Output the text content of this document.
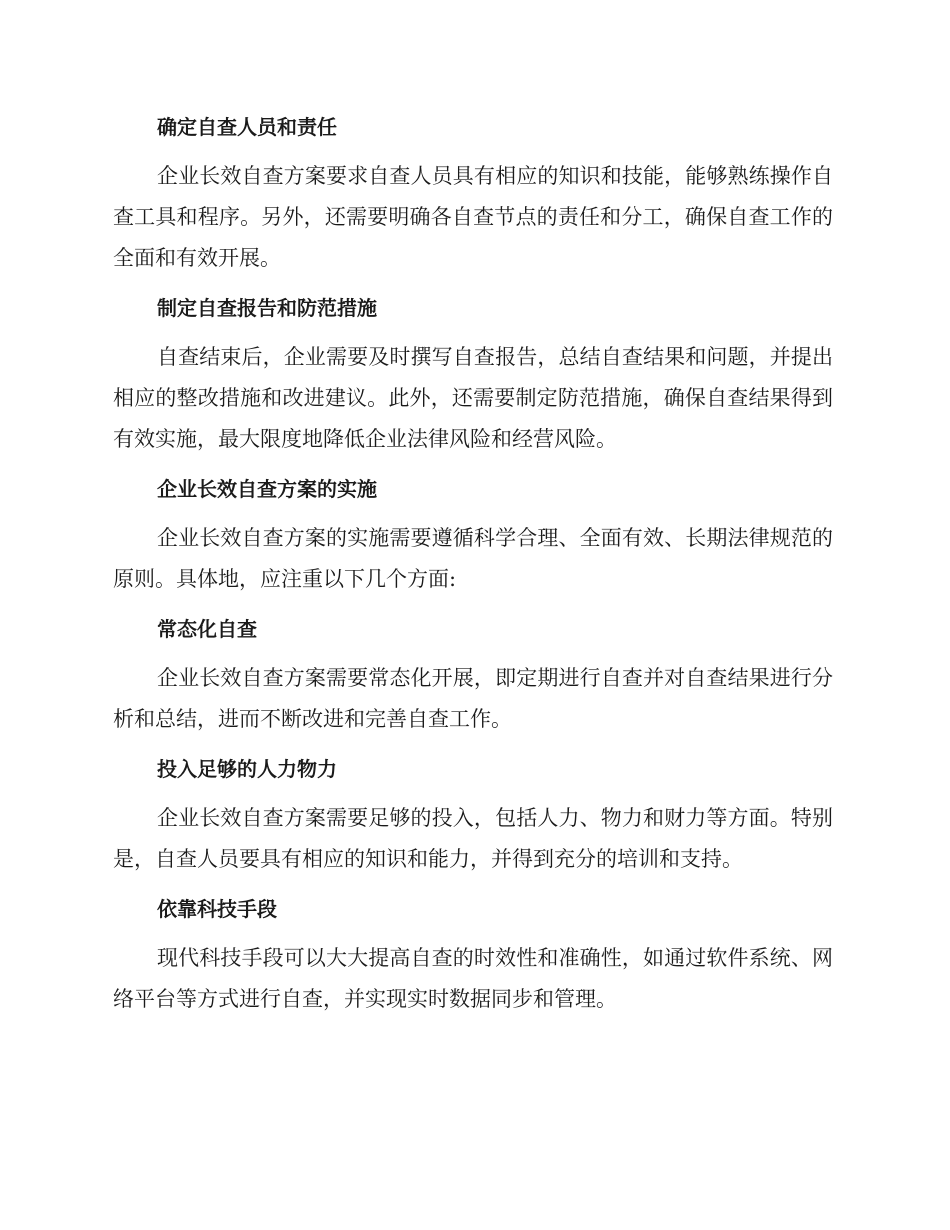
确定自查人员和责任
企业长效自查方案要求自查人员具有相应的知识和技能，能够熟练操作自查工具和程序。另外，还需要明确各自查节点的责任和分工，确保自查工作的全面和有效开展。
制定自查报告和防范措施
自查结束后，企业需要及时撰写自查报告，总结自查结果和问题，并提出相应的整改措施和改进建议。此外，还需要制定防范措施，确保自查结果得到有效实施，最大限度地降低企业法律风险和经营风险。
企业长效自查方案的实施
企业长效自查方案的实施需要遵循科学合理、全面有效、长期法律规范的原则。具体地，应注重以下几个方面:
常态化自查
企业长效自查方案需要常态化开展，即定期进行自查并对自查结果进行分析和总结，进而不断改进和完善自查工作。
投入足够的人力物力
企业长效自查方案需要足够的投入，包括人力、物力和财力等方面。特别是，自查人员要具有相应的知识和能力，并得到充分的培训和支持。
依靠科技手段
现代科技手段可以大大提高自查的时效性和准确性，如通过软件系统、网络平台等方式进行自查，并实现实时数据同步和管理。
